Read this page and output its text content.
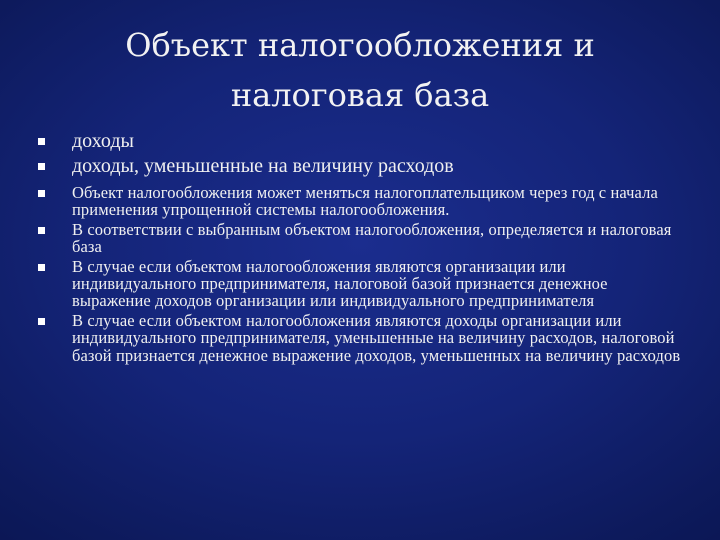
Объект налогообложения и
налоговая база
доходы
доходы, уменьшенные на величину расходов
Объект налогообложения может меняться налогоплательщиком через год с начала применения упрощенной системы налогообложения.
В соответствии с выбранным объектом налогообложения, определяется и налоговая база
В случае если объектом налогообложения являются организации или индивидуального предпринимателя, налоговой базой признается денежное выражение доходов организации или индивидуального предпринимателя
В случае если объектом налогообложения являются доходы организации или индивидуального предпринимателя, уменьшенные на величину расходов, налоговой базой признается денежное выражение доходов, уменьшенных на величину расходов
